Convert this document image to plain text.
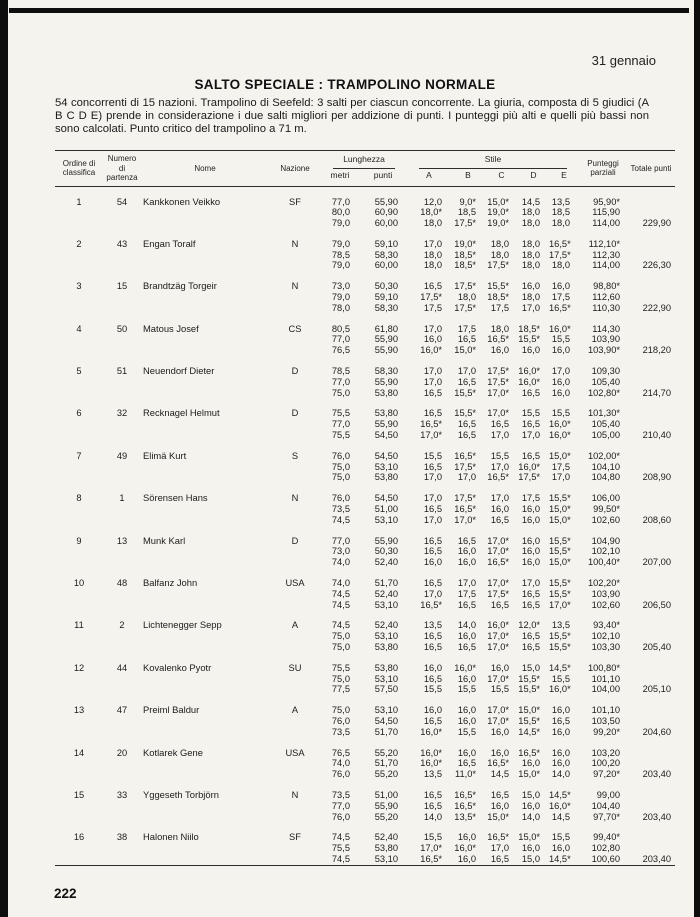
31 gennaio
SALTO SPECIALE : TRAMPOLINO NORMALE

54 concorrenti di 15 nazioni. Trampolino di Seefeld: 3 salti per ciascun concorrente. La giuria, composta di 5 giudici (A B C D E) prende in considerazione i due salti migliori per addizione di punti. I punteggi più alti e quelli più bassi non sono calcolati. Punto critico del trampolino a 71 m.

Ordine di classifica	Numero di partenza	Nome	Nazione	Lunghezza		Stile					Punteggi parziali	Totale punti
				metri	punti	A	B	C	D	E		
1	54	Kankkonen Veikko	SF	77,0	55,90	12,0	9,0*	15,0*	14,5	13,5	95,90*	
				80,0	60,90	18,0*	18,5	19,0*	18,0	18,5	115,90	
				79,0	60,00	18,0	17,5*	19,0*	18,0	18,0	114,00	229,90
2	43	Engan Toralf	N	79,0	59,10	17,0	19,0*	18,0	18,0	16,5*	112,10*	
				78,5	58,30	18,0	18,5*	18,0	18,0	17,5*	112,30	
				79,0	60,00	18,0	18,5*	17,5*	18,0	18,0	114,00	226,30
3	15	Brandtzäg Torgeir	N	73,0	50,30	16,5	17,5*	15,5*	16,0	16,0	98,80*	
				79,0	59,10	17,5*	18,0	18,5*	18,0	17,5	112,60	
				78,0	58,30	17,5	17,5*	17,5	17,0	16,5*	110,30	222,90
4	50	Matous Josef	CS	80,5	61,80	17,0	17,5	18,0	18,5*	16,0*	114,30	
				77,0	55,90	16,0	16,5	16,5*	15,5*	15,5	103,90	
				76,5	55,90	16,0*	15,0*	16,0	16,0	16,0	103,90*	218,20
5	51	Neuendorf Dieter	D	78,5	58,30	17,0	17,0	17,5*	16,0*	17,0	109,30	
				77,0	55,90	17,0	16,5	17,5*	16,0*	16,0	105,40	
				75,0	53,80	16,5	15,5*	17,0*	16,5	16,0	102,80*	214,70
6	32	Recknagel Helmut	D	75,5	53,80	16,5	15,5*	17,0*	15,5	15,5	101,30*	
				77,0	55,90	16,5*	16,5	16,5	16,5	16,0*	105,40	
				75,5	54,50	17,0*	16,5	17,0	17,0	16,0*	105,00	210,40
7	49	Elimä Kurt	S	76,0	54,50	15,5	16,5*	15,5	16,5	15,0*	102,00*	
				75,0	53,10	16,5	17,5*	17,0	16,0*	17,5	104,10	
				75,0	53,80	17,0	17,0	16,5*	17,5*	17,0	104,80	208,90
8	1	Sörensen Hans	N	76,0	54,50	17,0	17,5*	17,0	17,5	15,5*	106,00	
				73,5	51,00	16,5	16,5*	16,0	16,0	15,0*	99,50*	
				74,5	53,10	17,0	17,0*	16,5	16,0	15,0*	102,60	208,60
9	13	Munk Karl	D	77,0	55,90	16,5	16,5	17,0*	16,0	15,5*	104,90	
				73,0	50,30	16,5	16,0	17,0*	16,0	15,5*	102,10	
				74,0	52,40	16,0	16,0	16,5*	16,0	15,0*	100,40*	207,00
10	48	Balfanz John	USA	74,0	51,70	16,5	17,0	17,0*	17,0	15,5*	102,20*	
				74,5	52,40	17,0	17,5	17,5*	16,5	15,5*	103,90	
				74,5	53,10	16,5*	16,5	16,5	16,5	17,0*	102,60	206,50
11	2	Lichtenegger Sepp	A	74,5	52,40	13,5	14,0	16,0*	12,0*	13,5	93,40*	
				75,0	53,10	16,5	16,0	17,0*	16,5	15,5*	102,10	
				75,0	53,80	16,5	16,5	17,0*	16,5	15,5*	103,30	205,40
12	44	Kovalenko Pyotr	SU	75,5	53,80	16,0	16,0*	16,0	15,0	14,5*	100,80*	
				75,0	53,10	16,5	16,0	17,0*	15,5*	15,5	101,10	
				77,5	57,50	15,5	15,5	15,5	15,5*	16,0*	104,00	205,10
13	47	Preiml Baldur	A	75,0	53,10	16,0	16,0	17,0*	15,0*	16,0	101,10	
				76,0	54,50	16,5	16,0	17,0*	15,5*	16,5	103,50	
				73,5	51,70	16,0*	15,5	16,0	14,5*	16,0	99,20*	204,60
14	20	Kotlarek Gene	USA	76,5	55,20	16,0*	16,0	16,0	16,5*	16,0	103,20	
				74,0	51,70	16,0*	16,5	16,5*	16,0	16,0	100,20	
				76,0	55,20	13,5	11,0*	14,5	15,0*	14,0	97,20*	203,40
15	33	Yggeseth Torbjörn	N	73,5	51,00	16,5	16,5*	16,5	15,0	14,5*	99,00	
				77,0	55,90	16,5	16,5*	16,0	16,0	16,0*	104,40	
				76,0	55,20	14,0	13,5*	15,0*	14,0	14,5	97,70*	203,40
16	38	Halonen Niilo	SF	74,5	52,40	15,5	16,0	16,5*	15,0*	15,5	99,40*	
				75,5	53,80	17,0*	16,0*	17,0	16,0	16,0	102,80	
				74,5	53,10	16,5*	16,0	16,5	15,0	14,5*	100,60	203,40
222
